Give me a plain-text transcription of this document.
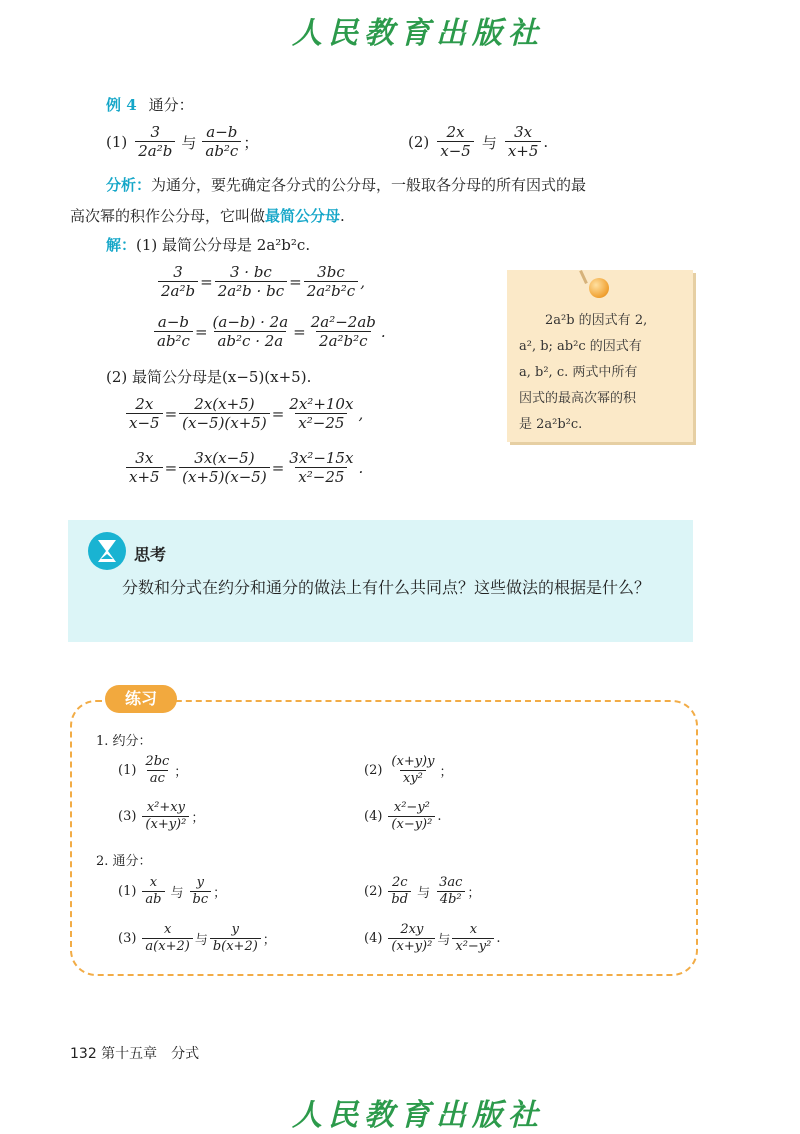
人民教育出版社
人民教育出版社
例 4 通分：
$(1) \frac{3}{\text{2a²b}}$ 与 $\frac{a-b}{\text{ab²c}}$ ；	$(2) \frac{2x}{x-5}$ 与 $\frac{3x}{x+5}$ .
分析：为通分，要先确定各分式的公分母，一般取各分母的所有因式的最
高次幂的积作公分母，它叫做最简公分母.
解：(1) 最简公分母是 2a²b²c.
$\frac{3}{\text{2a²b}} = \frac{3 \cdot bc}{\text{2a²b · bc}} = \frac{3bc}{\text{2a²b²c}}$ ,
$\frac{a-b}{\text{ab²c}} = \frac{(a-b) \cdot 2a}{\text{ab²c · 2a}} = \frac{\text{2a²−2ab}}{\text{2a²b²c}}$ .
(2) 最简公分母是(x−5)(x+5).
$\frac{2x}{x-5} = \frac{2x(x+5)}{(x-5)(x+5)} = \frac{\text{2x²+10x}}{\text{x²−25}}$ ,
$\frac{3x}{x+5} = \frac{3x(x-5)}{(x+5)(x-5)} = \frac{\text{3x²−15x}}{\text{x²−25}}$ .
2a²b 的因式有 2,
a², b; ab²c 的因式有
a, b², c. 两式中所有
因式的最高次幂的积
是 2a²b²c.
思考
分数和分式在约分和通分的做法上有什么共同点？这些做法的根据是什么？
练习
1. 约分：
$(1) \frac{2bc}{ac}$ ；	$(2) \frac{(x+y)y}{\text{xy²}}$ ；
$(3) \frac{\text{x²+xy}}{\text{(x+y)²}}$ ；	$(4) \frac{\text{x²−y²}}{\text{(x−y)²}}$ .
2. 通分：
$(1) \frac{x}{ab}$ 与 $\frac{y}{bc}$ ；	$(2) \frac{2c}{bd}$ 与 $\frac{3ac}{\text{4b²}}$ ；
$(3) \frac{x}{a(x+2)}$ 与 $\frac{y}{b(x+2)}$ ；	$(4) \frac{2xy}{\text{(x+y)²}}$ 与 $\frac{x}{\text{x²−y²}}$ .
132 第十五章　分式
